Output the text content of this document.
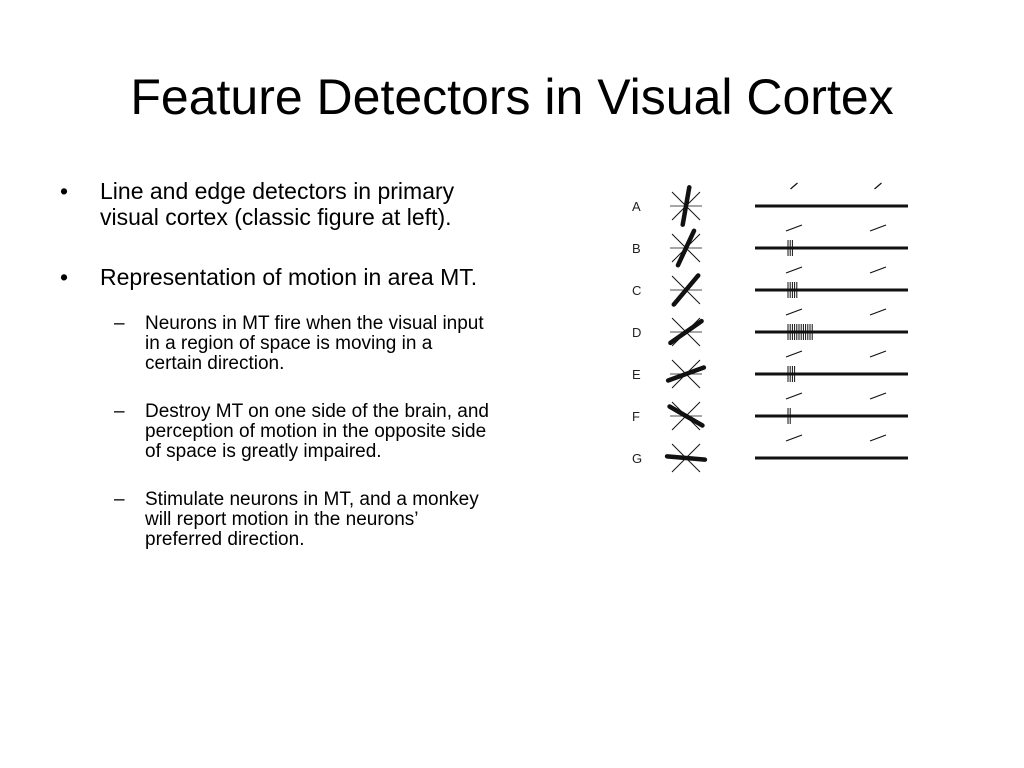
Feature Detectors in Visual Cortex
• Line and edge detectors in primary visual cortex (classic figure at left).
• Representation of motion in area MT.
– Neurons in MT fire when the visual input in a region of space is moving in a certain direction.
– Destroy MT on one side of the brain, and perception of motion in the opposite side of space is greatly impaired.
– Stimulate neurons in MT, and a monkey will report motion in the neurons’ preferred direction.
A
B
C
D
E
F
G
